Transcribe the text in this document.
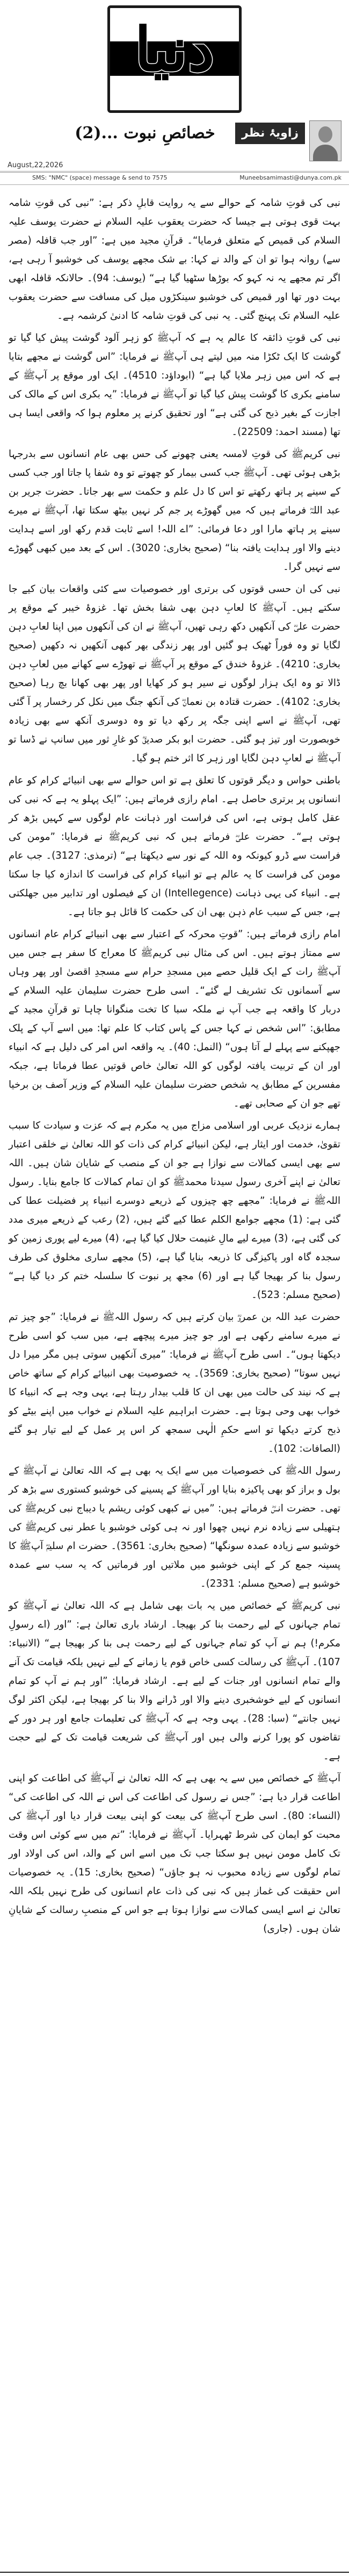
دنیا
زاویۂ نظر
خصائصِ نبوت ...(2)
August,22,2026
SMS: "NMC" (space) message & send to 7575	Muneebsamimasti@dunya.com.pk

نبی کی قوتِ شامہ کے حوالے سے یہ روایت قابلِ ذکر ہے: ”نبی کی قوتِ شامہ بہت قوی ہوتی ہے جیسا کہ حضرت یعقوب علیہ السلام نے حضرت یوسف علیہ السلام کی قمیص کے متعلق فرمایا“۔ قرآنِ مجید میں ہے: ”اور جب قافلہ (مصر سے) روانہ ہوا تو ان کے والد نے کہا: بے شک مجھے یوسف کی خوشبو آ رہی ہے، اگر تم مجھے یہ نہ کہو کہ بوڑھا سٹھیا گیا ہے“ (یوسف: 94)۔ حالانکہ قافلہ ابھی بہت دور تھا اور قمیص کی خوشبو سینکڑوں میل کی مسافت سے حضرت یعقوب علیہ السلام تک پہنچ گئی۔ یہ نبی کی قوتِ شامہ کا ادنیٰ کرشمہ ہے۔

نبی کی قوتِ ذائقہ کا عالم یہ ہے کہ آپﷺ کو زہر آلود گوشت پیش کیا گیا تو گوشت کا ایک ٹکڑا منہ میں لیتے ہی آپﷺ نے فرمایا: ”اس گوشت نے مجھے بتایا ہے کہ اس میں زہر ملایا گیا ہے“ (ابوداؤد: 4510)۔ ایک اور موقع پر آپﷺ کے سامنے بکری کا گوشت پیش کیا گیا تو آپﷺ نے فرمایا: ”یہ بکری اس کے مالک کی اجازت کے بغیر ذبح کی گئی ہے“ اور تحقیق کرنے پر معلوم ہوا کہ واقعی ایسا ہی تھا (مسند احمد: 22509)۔

نبی کریمﷺ کی قوتِ لامسہ یعنی چھونے کی حس بھی عام انسانوں سے بدرجہا بڑھی ہوئی تھی۔ آپﷺ جب کسی بیمار کو چھوتے تو وہ شفا پا جاتا اور جب کسی کے سینے پر ہاتھ رکھتے تو اس کا دل علم و حکمت سے بھر جاتا۔ حضرت جریر بن عبد اللہؓ فرماتے ہیں کہ میں گھوڑے پر جم کر نہیں بیٹھ سکتا تھا، آپﷺ نے میرے سینے پر ہاتھ مارا اور دعا فرمائی: ”اے اللہ! اسے ثابت قدم رکھ اور اسے ہدایت دینے والا اور ہدایت یافتہ بنا“ (صحیح بخاری: 3020)۔ اس کے بعد میں کبھی گھوڑے سے نہیں گرا۔

نبی کی ان حسی قوتوں کی برتری اور خصوصیات سے کئی واقعات بیان کیے جا سکتے ہیں۔ آپﷺ کا لعابِ دہن بھی شفا بخش تھا۔ غزوۂ خیبر کے موقع پر حضرت علیؓ کی آنکھیں دکھ رہی تھیں، آپﷺ نے ان کی آنکھوں میں اپنا لعابِ دہن لگایا تو وہ فوراً ٹھیک ہو گئیں اور پھر زندگی بھر کبھی آنکھیں نہ دکھیں (صحیح بخاری: 4210)۔ غزوۂ خندق کے موقع پر آپﷺ نے تھوڑے سے کھانے میں لعابِ دہن ڈالا تو وہ ایک ہزار لوگوں نے سیر ہو کر کھایا اور پھر بھی کھانا بچ رہا (صحیح بخاری: 4102)۔ حضرت قتادہ بن نعمانؓ کی آنکھ جنگ میں نکل کر رخسار پر آ گئی تھی، آپﷺ نے اسے اپنی جگہ پر رکھ دیا تو وہ دوسری آنکھ سے بھی زیادہ خوبصورت اور تیز ہو گئی۔ حضرت ابو بکر صدیقؓ کو غارِ ثور میں سانپ نے ڈسا تو آپﷺ نے لعابِ دہن لگایا اور زہر کا اثر ختم ہو گیا۔

باطنی حواس و دیگر قوتوں کا تعلق ہے تو اس حوالے سے بھی انبیائے کرام کو عام انسانوں پر برتری حاصل ہے۔ امام رازی فرماتے ہیں: ”ایک پہلو یہ ہے کہ نبی کی عقل کامل ہوتی ہے، اس کی فراست اور ذہانت عام لوگوں سے کہیں بڑھ کر ہوتی ہے“۔ حضرت علیؓ فرماتے ہیں کہ نبی کریمﷺ نے فرمایا: ”مومن کی فراست سے ڈرو کیونکہ وہ اللہ کے نور سے دیکھتا ہے“ (ترمذی: 3127)۔ جب عام مومن کی فراست کا یہ عالم ہے تو انبیاء کرام کی فراست کا اندازہ کیا جا سکتا ہے۔ انبیاء کی یہی ذہانت (Intellegence) ان کے فیصلوں اور تدابیر میں جھلکتی ہے، جس کے سبب عام ذہن بھی ان کی حکمت کا قائل ہو جاتا ہے۔

امام رازی فرماتے ہیں: ”قوتِ محرکہ کے اعتبار سے بھی انبیائے کرام عام انسانوں سے ممتاز ہوتے ہیں۔ اس کی مثال نبی کریمﷺ کا معراج کا سفر ہے جس میں آپﷺ رات کے ایک قلیل حصے میں مسجدِ حرام سے مسجدِ اقصیٰ اور پھر وہاں سے آسمانوں تک تشریف لے گئے“۔ اسی طرح حضرت سلیمان علیہ السلام کے دربار کا واقعہ ہے جب آپ نے ملکہ سبا کا تخت منگوانا چاہا تو قرآنِ مجید کے مطابق: ”اس شخص نے کہا جس کے پاس کتاب کا علم تھا: میں اسے آپ کے پلک جھپکنے سے پہلے لے آتا ہوں“ (النمل: 40)۔ یہ واقعہ اس امر کی دلیل ہے کہ انبیاء اور ان کے تربیت یافتہ لوگوں کو اللہ تعالیٰ خاص قوتیں عطا فرماتا ہے، جبکہ مفسرین کے مطابق یہ شخص حضرت سلیمان علیہ السلام کے وزیر آصف بن برخیا تھے جو ان کے صحابی تھے۔

ہمارے نزدیک عربی اور اسلامی مزاج میں یہ مکرم ہے کہ عزت و سیادت کا سبب تقویٰ، خدمت اور ایثار ہے، لیکن انبیائے کرام کی ذات کو اللہ تعالیٰ نے خلقی اعتبار سے بھی ایسی کمالات سے نوازا ہے جو ان کے منصب کے شایان شان ہیں۔ اللہ تعالیٰ نے اپنے آخری رسول سیدنا محمدﷺ کو ان تمام کمالات کا جامع بنایا۔ رسول اللہﷺ نے فرمایا: ”مجھے چھ چیزوں کے ذریعے دوسرے انبیاء پر فضیلت عطا کی گئی ہے: (1) مجھے جوامع الکلم عطا کیے گئے ہیں، (2) رعب کے ذریعے میری مدد کی گئی ہے، (3) میرے لیے مالِ غنیمت حلال کیا گیا ہے، (4) میرے لیے پوری زمین کو سجدہ گاہ اور پاکیزگی کا ذریعہ بنایا گیا ہے، (5) مجھے ساری مخلوق کی طرف رسول بنا کر بھیجا گیا ہے اور (6) مجھ پر نبوت کا سلسلہ ختم کر دیا گیا ہے“ (صحیح مسلم: 523)۔

حضرت عبد اللہ بن عمروؓ بیان کرتے ہیں کہ رسول اللہﷺ نے فرمایا: ”جو چیز تم نے میرے سامنے رکھی ہے اور جو چیز میرے پیچھے ہے، میں سب کو اسی طرح دیکھتا ہوں“۔ اسی طرح آپﷺ نے فرمایا: ”میری آنکھیں سوتی ہیں مگر میرا دل نہیں سوتا“ (صحیح بخاری: 3569)۔ یہ خصوصیت بھی انبیائے کرام کے ساتھ خاص ہے کہ نیند کی حالت میں بھی ان کا قلب بیدار رہتا ہے، یہی وجہ ہے کہ انبیاء کا خواب بھی وحی ہوتا ہے۔ حضرت ابراہیم علیہ السلام نے خواب میں اپنے بیٹے کو ذبح کرتے دیکھا تو اسے حکمِ الٰہی سمجھ کر اس پر عمل کے لیے تیار ہو گئے (الصافات: 102)۔

رسول اللہﷺ کی خصوصیات میں سے ایک یہ بھی ہے کہ اللہ تعالیٰ نے آپﷺ کے بول و براز کو بھی پاکیزہ بنایا اور آپﷺ کے پسینے کی خوشبو کستوری سے بڑھ کر تھی۔ حضرت انسؓ فرماتے ہیں: ”میں نے کبھی کوئی ریشم یا دیباج نبی کریمﷺ کی ہتھیلی سے زیادہ نرم نہیں چھوا اور نہ ہی کوئی خوشبو یا عطر نبی کریمﷺ کی خوشبو سے زیادہ عمدہ سونگھا“ (صحیح بخاری: 3561)۔ حضرت ام سلیمؓ آپﷺ کا پسینہ جمع کر کے اپنی خوشبو میں ملاتیں اور فرماتیں کہ یہ سب سے عمدہ خوشبو ہے (صحیح مسلم: 2331)۔

نبی کریمﷺ کے خصائص میں یہ بات بھی شامل ہے کہ اللہ تعالیٰ نے آپﷺ کو تمام جہانوں کے لیے رحمت بنا کر بھیجا۔ ارشاد باری تعالیٰ ہے: ”اور (اے رسولِ مکرم!) ہم نے آپ کو تمام جہانوں کے لیے رحمت ہی بنا کر بھیجا ہے“ (الانبیاء: 107)۔ آپﷺ کی رسالت کسی خاص قوم یا زمانے کے لیے نہیں بلکہ قیامت تک آنے والے تمام انسانوں اور جنات کے لیے ہے۔ ارشاد فرمایا: ”اور ہم نے آپ کو تمام انسانوں کے لیے خوشخبری دینے والا اور ڈرانے والا بنا کر بھیجا ہے، لیکن اکثر لوگ نہیں جانتے“ (سبا: 28)۔ یہی وجہ ہے کہ آپﷺ کی تعلیمات جامع اور ہر دور کے تقاضوں کو پورا کرنے والی ہیں اور آپﷺ کی شریعت قیامت تک کے لیے حجت ہے۔

آپﷺ کے خصائص میں سے یہ بھی ہے کہ اللہ تعالیٰ نے آپﷺ کی اطاعت کو اپنی اطاعت قرار دیا ہے: ”جس نے رسول کی اطاعت کی اس نے اللہ کی اطاعت کی“ (النساء: 80)۔ اسی طرح آپﷺ کی بیعت کو اپنی بیعت قرار دیا اور آپﷺ کی محبت کو ایمان کی شرط ٹھہرایا۔ آپﷺ نے فرمایا: ”تم میں سے کوئی اس وقت تک کامل مومن نہیں ہو سکتا جب تک میں اسے اس کے والد، اس کی اولاد اور تمام لوگوں سے زیادہ محبوب نہ ہو جاؤں“ (صحیح بخاری: 15)۔ یہ خصوصیات اس حقیقت کی غماز ہیں کہ نبی کی ذات عام انسانوں کی طرح نہیں بلکہ اللہ تعالیٰ نے اسے ایسی کمالات سے نوازا ہوتا ہے جو اس کے منصبِ رسالت کے شایانِ شان ہوں۔ (جاری)
